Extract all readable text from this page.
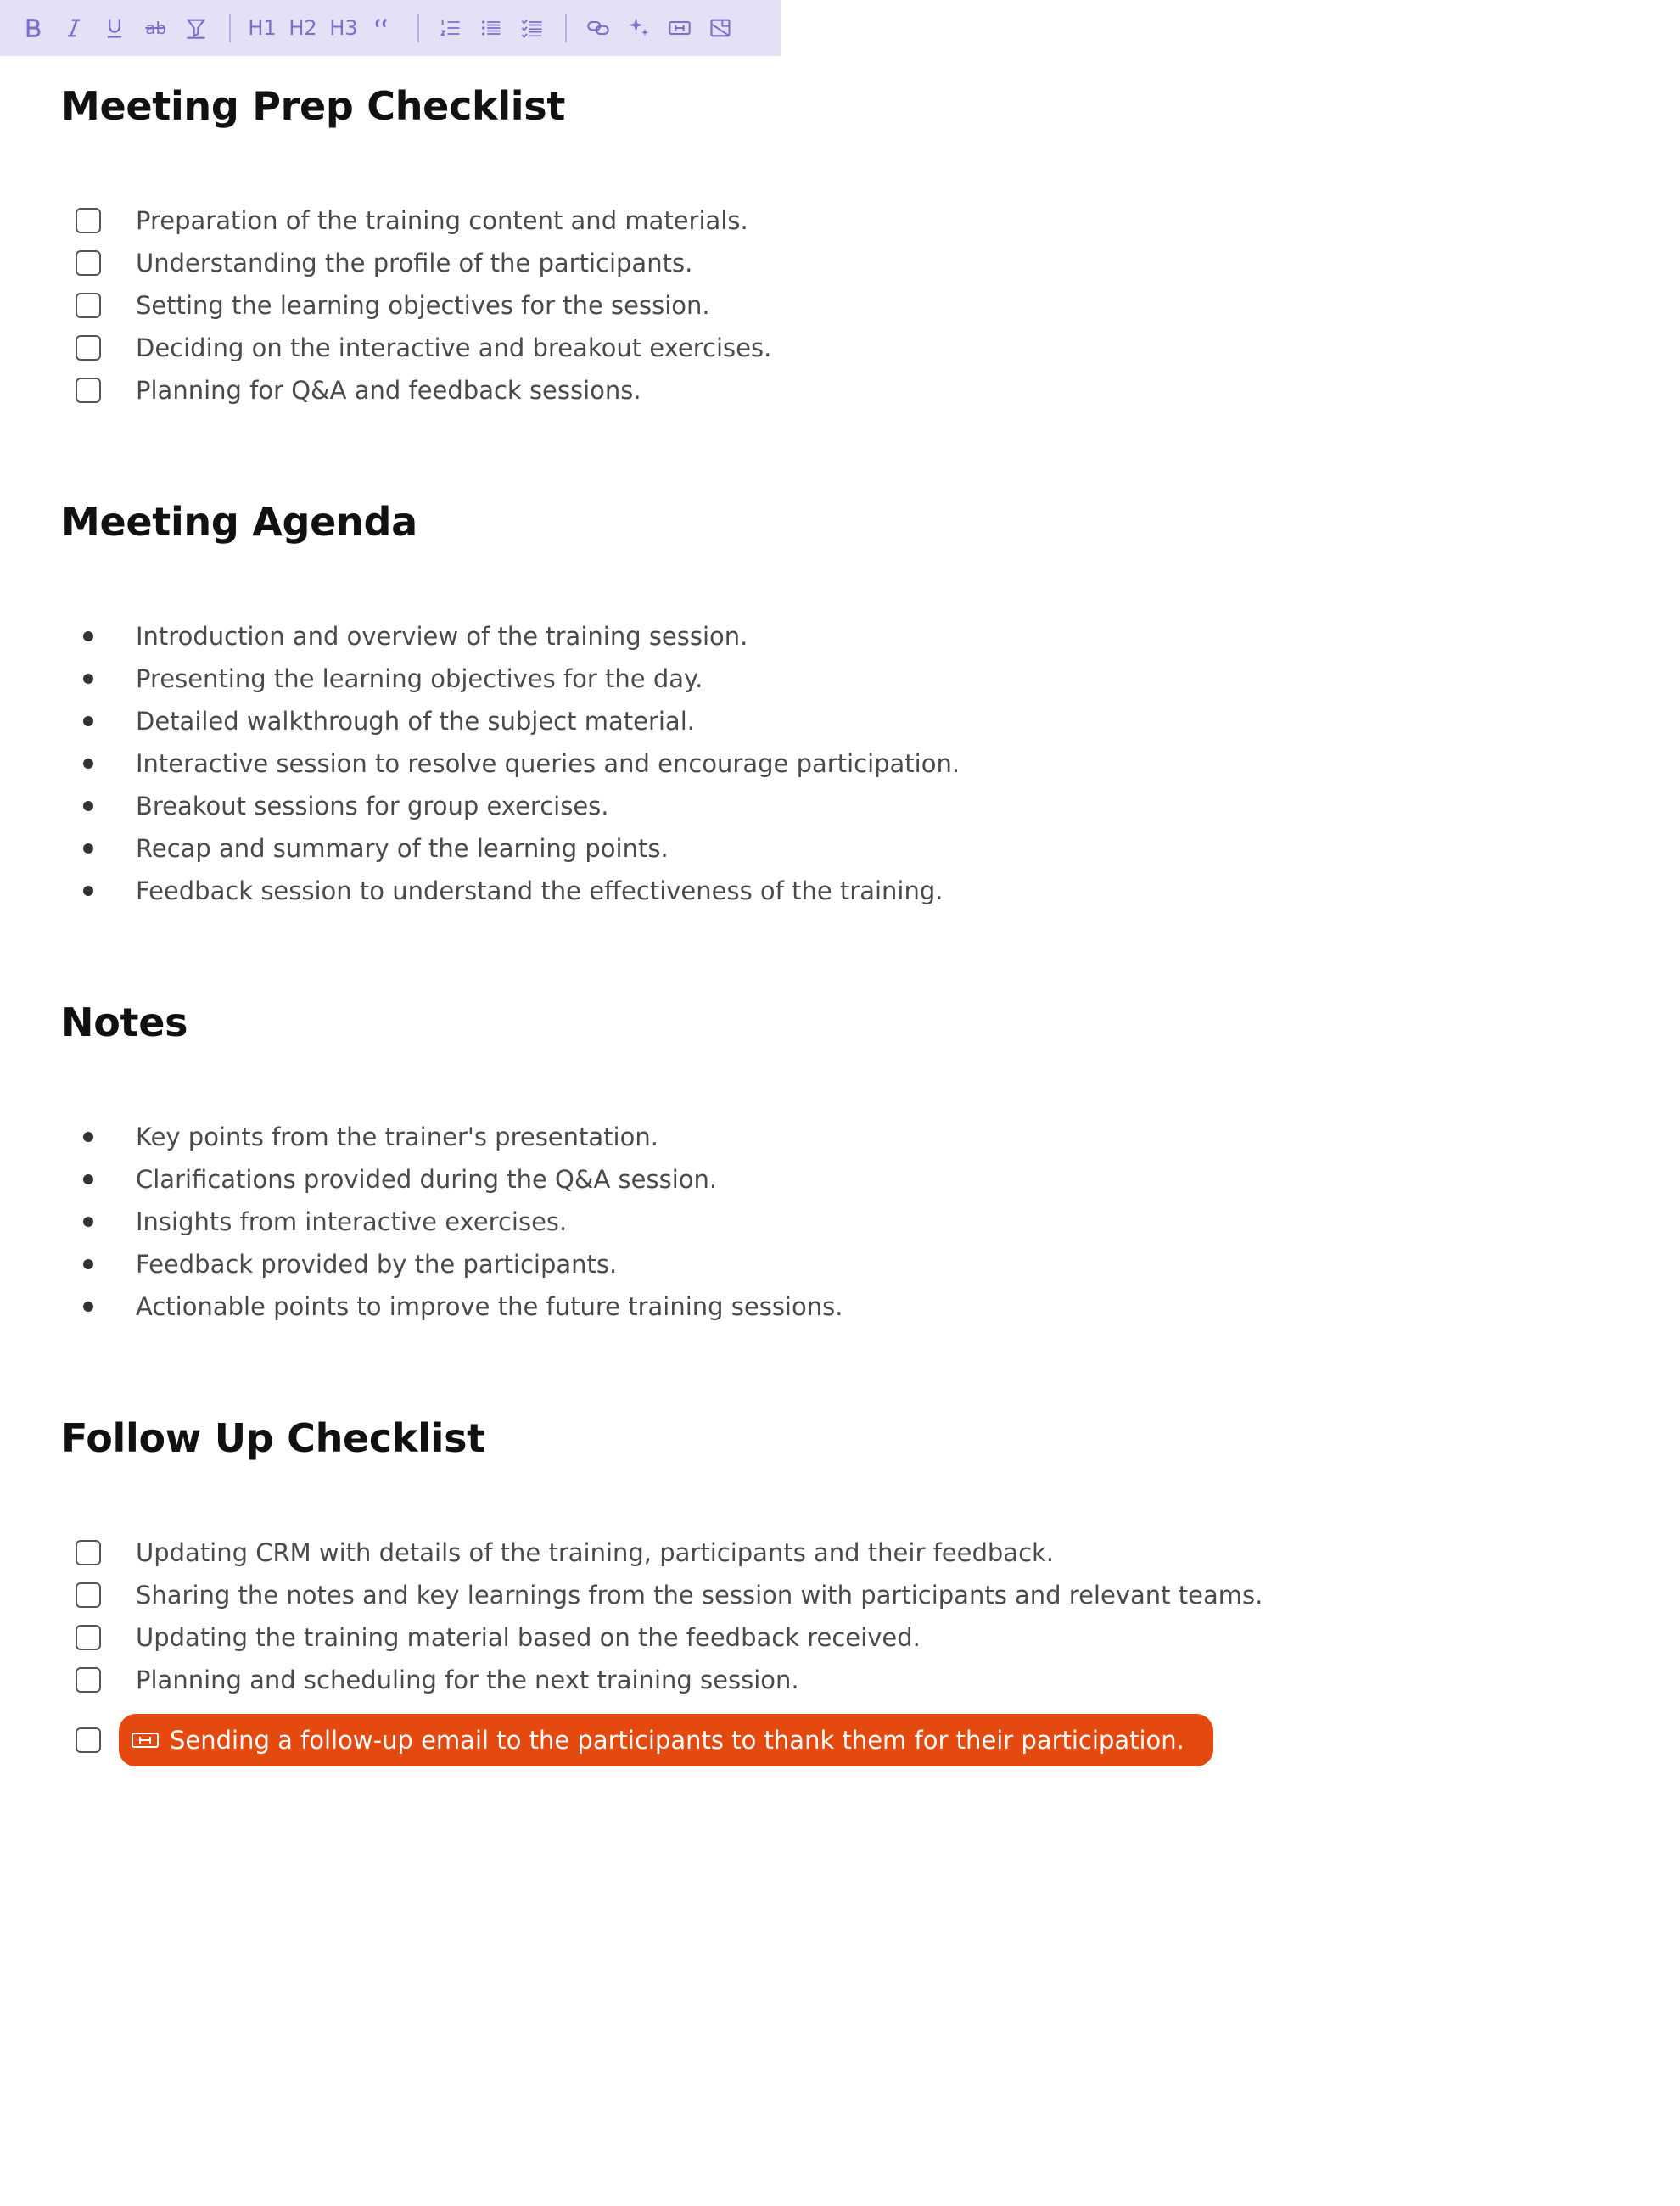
ab	H1 H2 H3
Meeting Prep Checklist
Preparation of the training content and materials.
Understanding the profile of the participants.
Setting the learning objectives for the session.
Deciding on the interactive and breakout exercises.
Planning for Q&A and feedback sessions.
Meeting Agenda
Introduction and overview of the training session.
Presenting the learning objectives for the day.
Detailed walkthrough of the subject material.
Interactive session to resolve queries and encourage participation.
Breakout sessions for group exercises.
Recap and summary of the learning points.
Feedback session to understand the effectiveness of the training.
Notes
Key points from the trainer's presentation.
Clarifications provided during the Q&A session.
Insights from interactive exercises.
Feedback provided by the participants.
Actionable points to improve the future training sessions.
Follow Up Checklist
Updating CRM with details of the training, participants and their feedback.
Sharing the notes and key learnings from the session with participants and relevant teams.
Updating the training material based on the feedback received.
Planning and scheduling for the next training session.
Sending a follow-up email to the participants to thank them for their participation.
